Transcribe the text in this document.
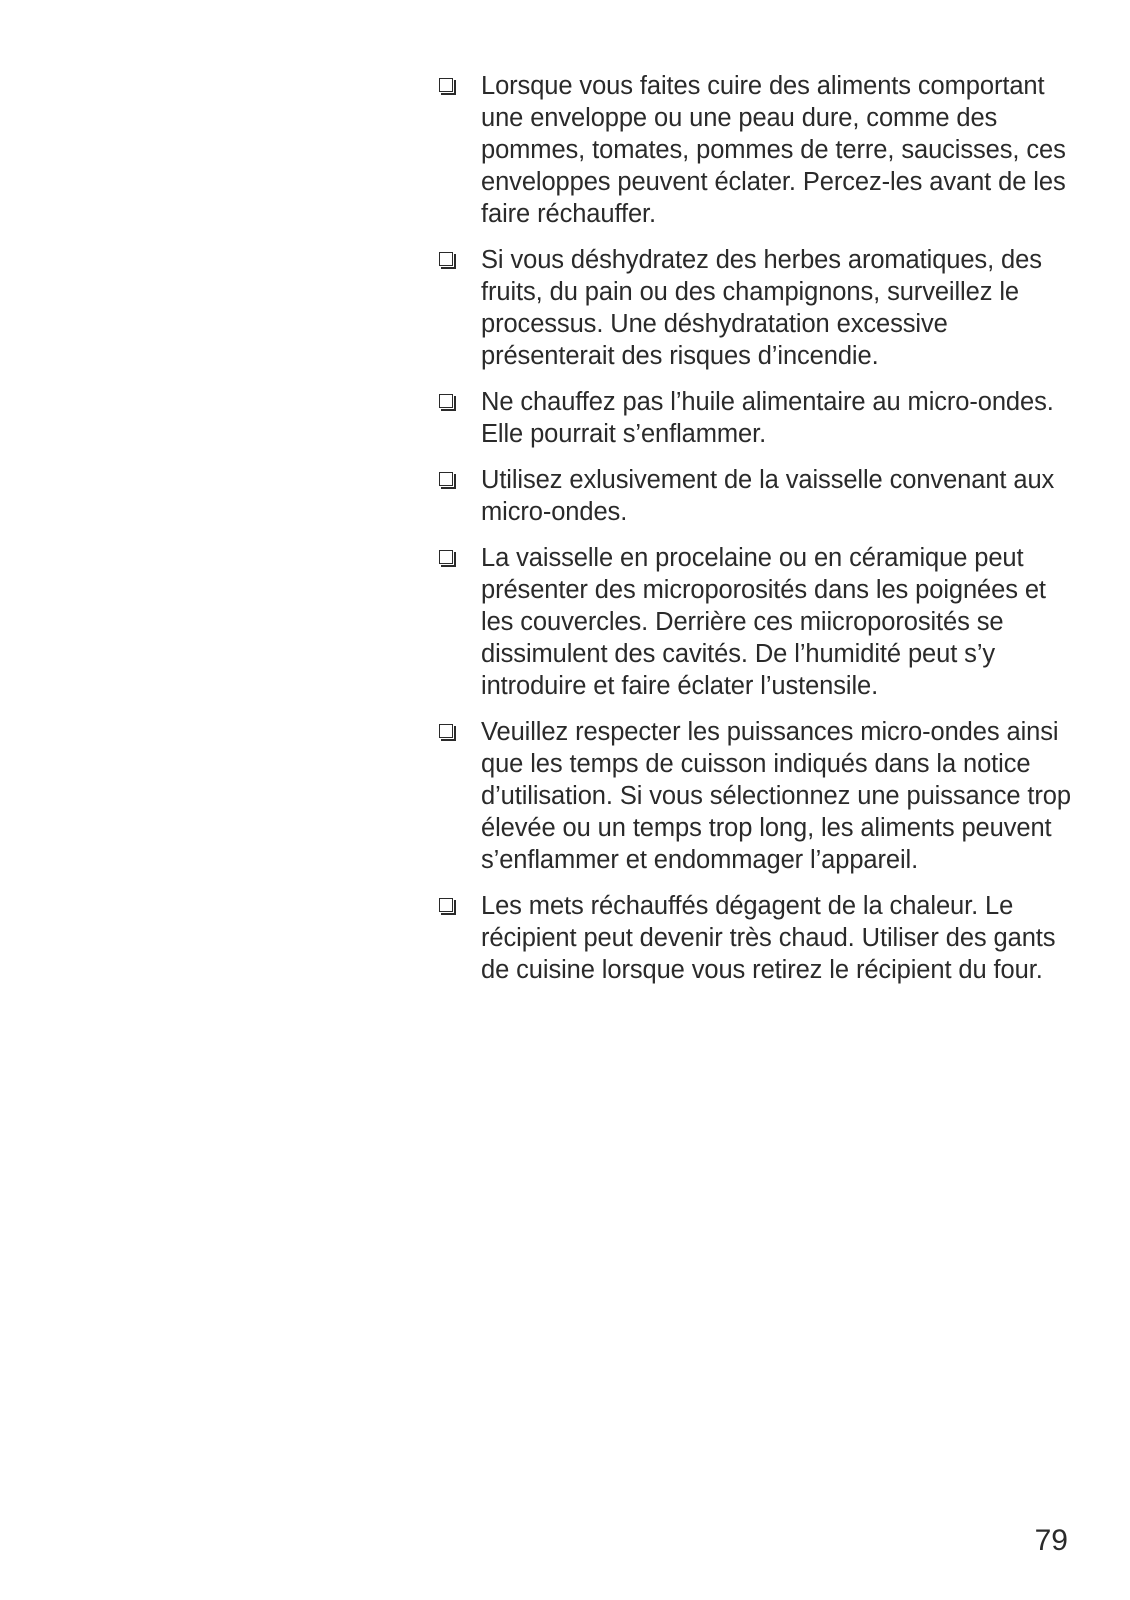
Lorsque vous faites cuire des aliments comportant une enveloppe ou une peau dure, comme des pommes, tomates, pommes de terre, saucisses, ces enveloppes peuvent éclater. Percez-les avant de les faire réchauffer.
Si vous déshydratez des herbes aromatiques, des fruits, du pain ou des champignons, surveillez le processus. Une déshydratation excessive présenterait des risques d’incendie.
Ne chauffez pas l’huile alimentaire au micro-ondes. Elle pourrait s’enflammer.
Utilisez exlusivement de la vaisselle convenant aux micro-ondes.
La vaisselle en procelaine ou en céramique peut présenter des microporosités dans les poignées et les couvercles. Derrière ces miicroporosités se dissimulent des cavités. De l’humidité peut s’y introduire et faire éclater l’ustensile.
Veuillez respecter les puissances micro-ondes ainsi que les temps de cuisson indiqués dans la notice d’utilisation. Si vous sélectionnez une puissance trop élevée ou un temps trop long, les aliments peuvent s’enflammer et endommager l’appareil.
Les mets réchauffés dégagent de la chaleur. Le récipient peut devenir très chaud. Utiliser des gants de cuisine lorsque vous retirez le récipient du four.
79
